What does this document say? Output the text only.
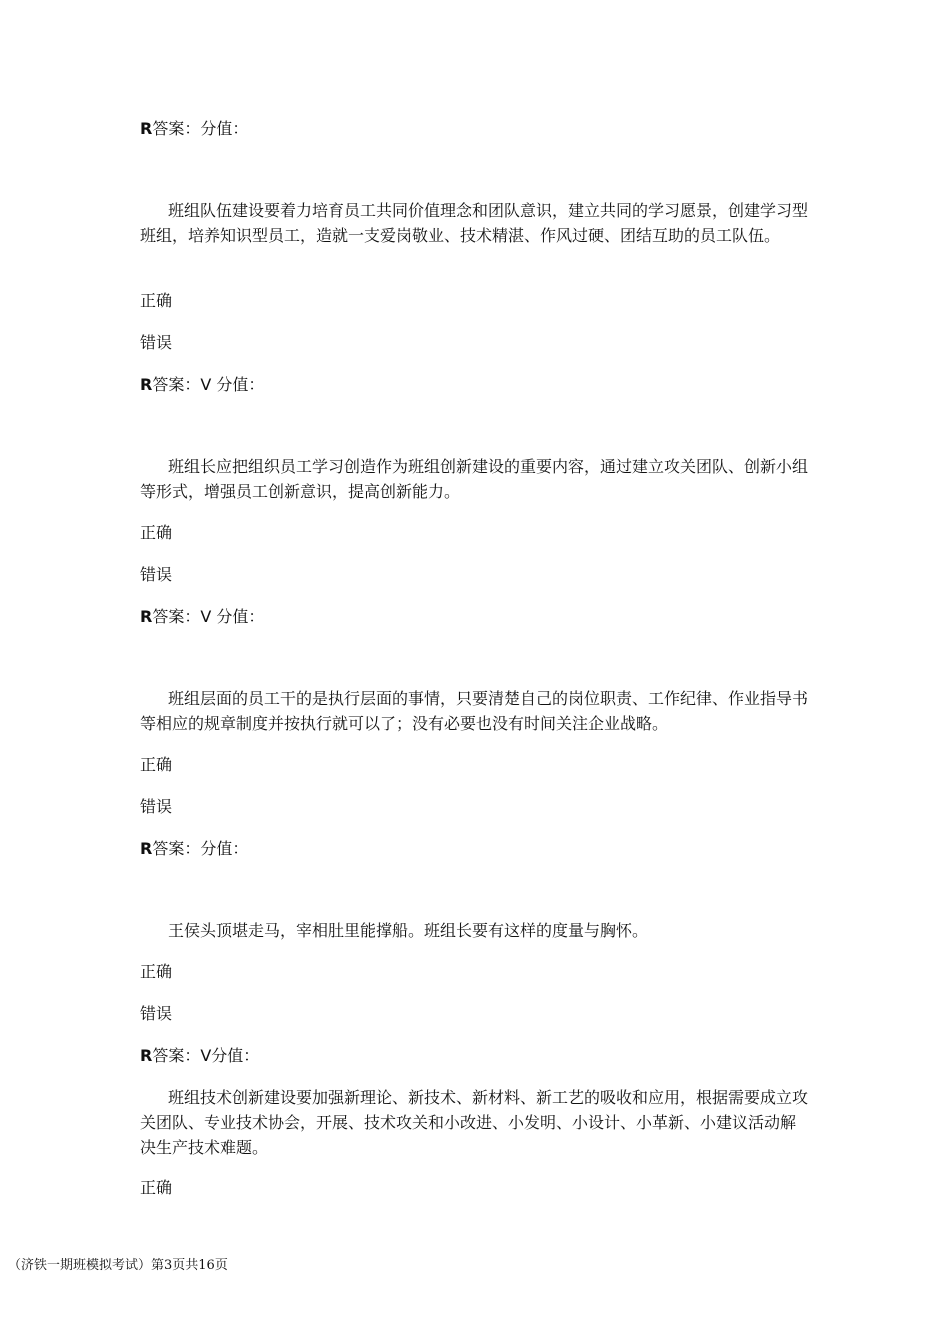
R答案：分值：
班组队伍建设要着力培育员工共同价值理念和团队意识，建立共同的学习愿景，创建学习型班组，培养知识型员工，造就一支爱岗敬业、技术精湛、作风过硬、团结互助的员工队伍。
正确
错误
R答案：V 分值：
班组长应把组织员工学习创造作为班组创新建设的重要内容，通过建立攻关团队、创新小组等形式，增强员工创新意识，提高创新能力。
正确
错误
R答案：V 分值：
班组层面的员工干的是执行层面的事情，只要清楚自己的岗位职责、工作纪律、作业指导书等相应的规章制度并按执行就可以了；没有必要也没有时间关注企业战略。
正确
错误
R答案：分值：
王侯头顶堪走马，宰相肚里能撑船。班组长要有这样的度量与胸怀。
正确
错误
R答案：V分值：
班组技术创新建设要加强新理论、新技术、新材料、新工艺的吸收和应用，根据需要成立攻关团队、专业技术协会，开展、技术攻关和小改进、小发明、小设计、小革新、小建议活动解决生产技术难题。
正确
（济铁一期班模拟考试）第3页共16页
